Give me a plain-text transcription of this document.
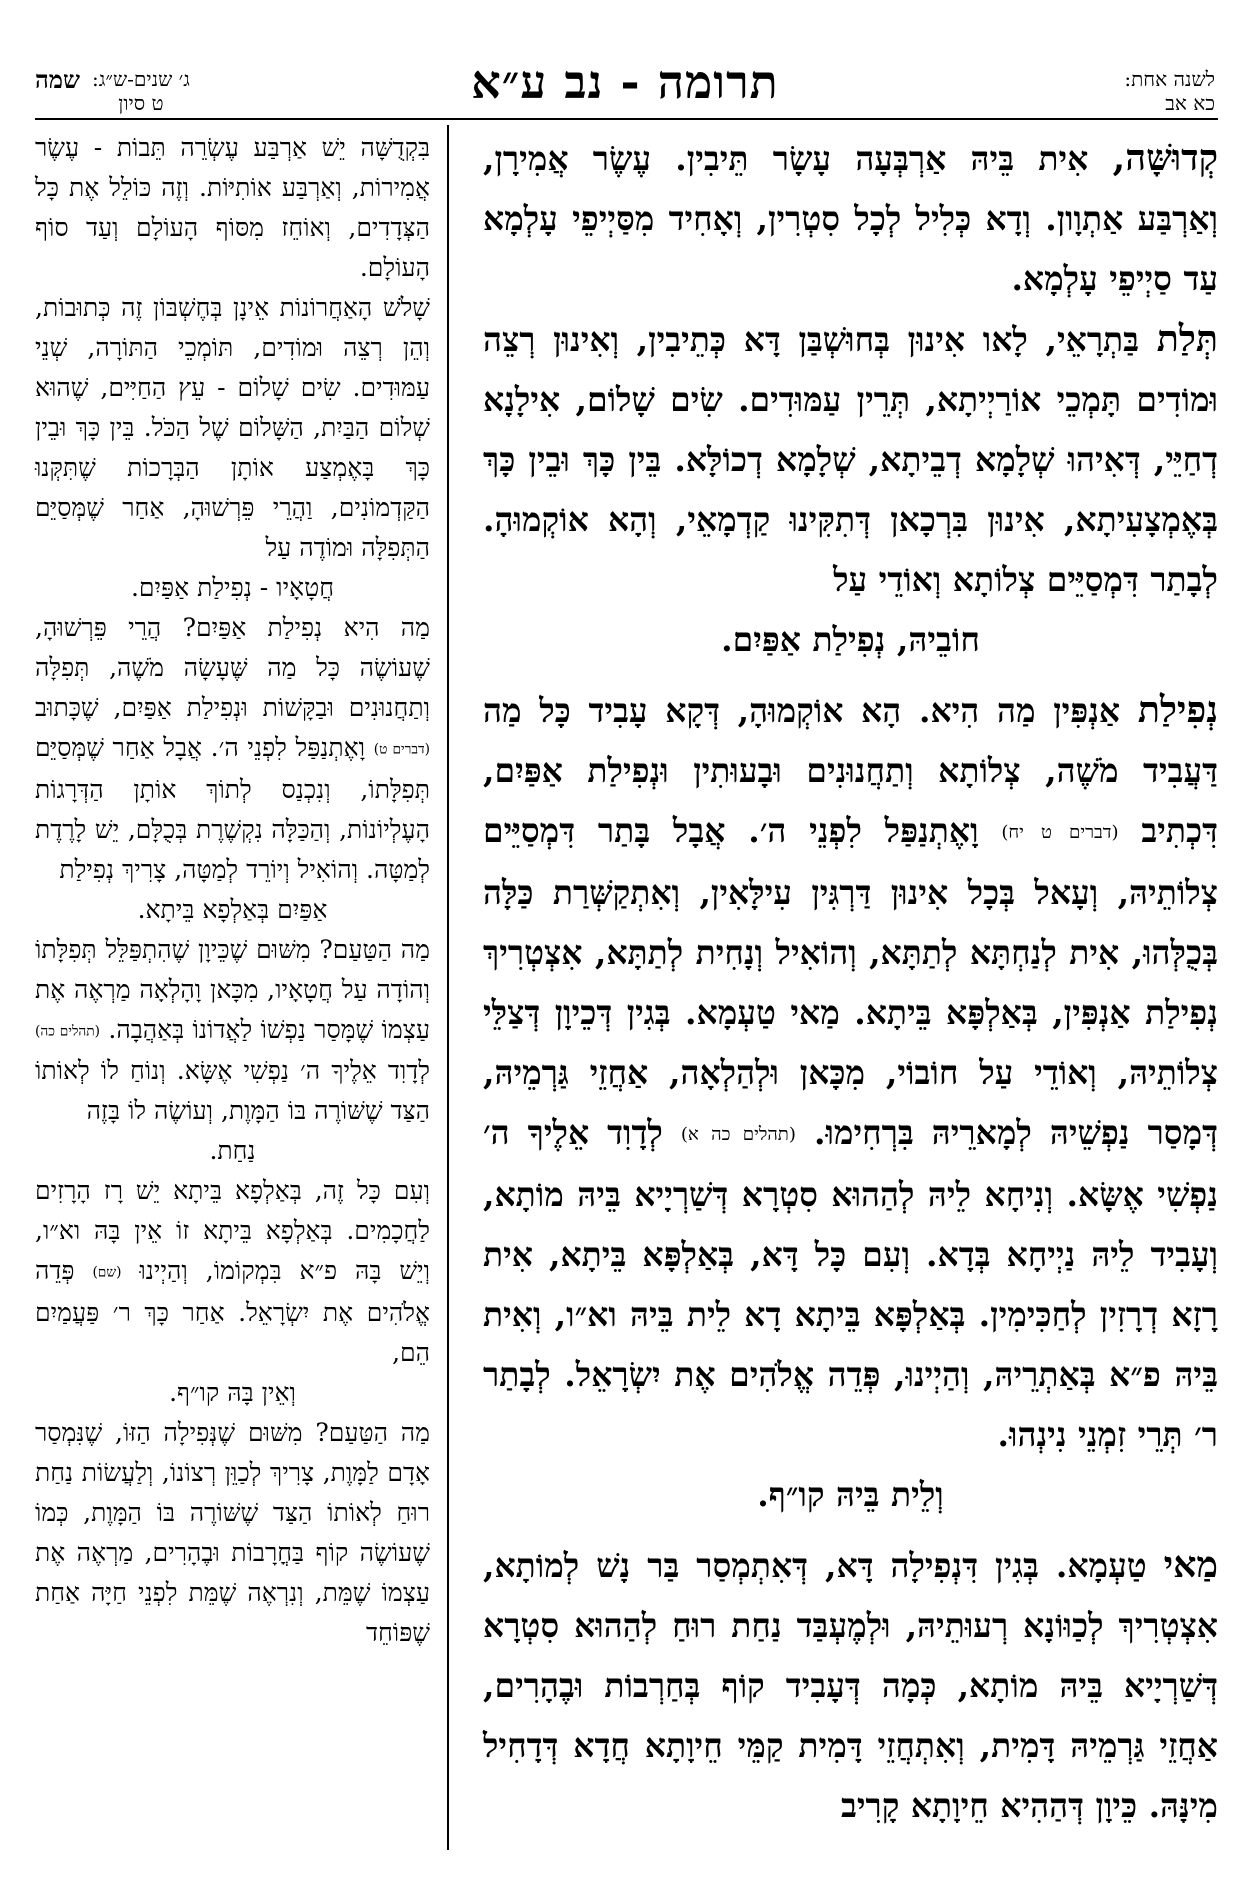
לשנה אחת:
כא אב
תרומה - נב ע״א
ג׳ שנים-ש״ג:
ט סיון
שמה

קְדוּשָּׁה, אִית בֵּיהּ אַרְבְּעָה עָשָׂר תֵּיבִין. עֶשֶׂר אֲמִירָן, וְאַרְבַּע אַתְוָון. וְדָא כְּלִיל לְכָל סִטְרִין, וְאָחִיד מִסַּיְיפֵי עָלְמָא עַד סַיְיפֵי עָלְמָא.

תְּלַת בַּתְרָאֵי, לָאו אִינוּן בְּחוּשְׁבַּן דָּא כְּתֵיבִין, וְאִינוּן רְצֵה וּמוֹדִים תָּמְכֵי אוֹרַיְיתָא, תְּרֵין עַמּוּדִים. שִׂים שָׁלוֹם, אִילָנָא דְחַיֵּי, דְּאִיהוּ שְׁלָמָא דְבֵיתָא, שְׁלָמָא דְכוֹלָּא. בֵּין כָּךְ וּבֵין כָּךְ בְּאֶמְצָעִיתָא, אִינוּן בִּרְכָאן דְּתִקִּינוּ קַדְמָאֵי, וְהָא אוֹקְמוּהָ. לְבָתַר דִּמְסַיֵּים צְלוֹתָא וְאוֹדֵי עַל

חוֹבֵיהּ, נְפִילַת אַפַּיִם.

נְפִילַת אַנְפִּין מַה הִיא. הָא אוֹקְמוּהָ, דְּקָא עָבִיד כָּל מַה דַּעֲבִיד מֹשֶׁה, צְלוֹתָא וְתַחֲנוּנִים וּבָעוּתִין וּנְפִילַת אַפַּיִם, דִּכְתִיב (דברים ט יח) וָאֶתְנַפַּל לִפְנֵי ה׳. אֲבָל בָּתַר דִּמְסַיֵּים צְלוֹתֵיהּ, וְעָאל בְּכָל אִינוּן דַּרְגִּין עִילָּאִין, וְאִתְקַשְּׁרַת כַּלָּה בְּכֻלְּהוּ, אִית לְנַחְתָּא לְתַתָּא, וְהוֹאִיל וְנָחִית לְתַתָּא, אִצְטְרִיךְ נְפִילַת אַנְפִּין, בְּאַלְפָּא בֵּיתָא. מַאי טַעְמָא. בְּגִין דְּכֵיוָן דְּצַלֵּי צְלוֹתֵיהּ, וְאוֹדֵי עַל חוֹבוֹי, מִכָּאן וּלְהַלְאָה, אַחֲזֵי גַּרְמֵיהּ, דְּמָסַר נַפְשֵׁיהּ לְמָארֵיהּ בִּרְחִימוּ. (תהלים כה א) לְדָוִד אֵלֶיךָ ה׳ נַפְשִׁי אֶשָּׂא. וְנִיחָא לֵיהּ לְהַהוּא סִטְרָא דְּשַׁרְיָיא בֵּיהּ מוֹתָא, וְעָבִיד לֵיהּ נַיְיחָא בְּדָא. וְעִם כָּל דָּא, בְּאַלְפָּא בֵּיתָא, אִית רָזָא דְרָזִין לְחַכִּימִין. בְּאַלְפָּא בֵּיתָא דָא לֵית בֵּיהּ וא״ו, וְאִית בֵּיהּ פ״א בְּאַתְרֵיהּ, וְהַיְינוּ, פְּדֵה אֱלֹהִים אֶת יִשְׂרָאֵל. לְבָתַר ר׳ תְּרֵי זִמְנֵי נִינְהוּ.

וְלֵית בֵּיהּ קו״ף.

מַאי טַעְמָא. בְּגִין דִּנְפִילָה דָּא, דְּאִתְמְסַר בַּר נָשׁ לְמוֹתָא, אִצְטְרִיךְ לְכַוּוֹנָא רְעוּתֵיהּ, וּלְמֶעְבַּד נַחַת רוּחַ לְהַהוּא סִטְרָא דְּשַׁרְיָיא בֵּיהּ מוֹתָא, כְּמָה דְּעָבִיד קוֹף בְּחַרְבוֹת וּבֶהָרִים, אַחֲזֵי גַּרְמֵיהּ דָּמִית, וְאִתְחֲזֵי דָּמִית קַמֵּי חֵיוָתָא חֲדָא דְּדָחִיל מִינָּהּ. כֵּיוָן דְּהַהִיא חֵיוָתָא קָרִיב

בִּקְדֻשָּׁה יֵשׁ אַרְבַּע עֶשְׂרֵה תֵּבוֹת - עֶשֶׂר אֲמִירוֹת, וְאַרְבַּע אוֹתִיּוֹת. וְזֶה כּוֹלֵל אֶת כָּל הַצְּדָדִים, וְאוֹחֵז מִסּוֹף הָעוֹלָם וְעַד סוֹף הָעוֹלָם.

שָׁלֹשׁ הָאַחֲרוֹנוֹת אֵינָן בְּחֶשְׁבּוֹן זֶה כְּתוּבוֹת, וְהֵן רְצֵה וּמוֹדִים, תּוֹמְכֵי הַתּוֹרָה, שְׁנֵי עַמּוּדִים. שִׂים שָׁלוֹם - עֵץ הַחַיִּים, שֶׁהוּא שְׁלוֹם הַבַּיִת, הַשָּׁלוֹם שֶׁל הַכֹּל. בֵּין כָּךְ וּבֵין כָּךְ בָּאֶמְצַע אוֹתָן הַבְּרָכוֹת שֶׁתִּקְּנוּ הַקַּדְמוֹנִים, וַהֲרֵי פֵּרְשׁוּהָ, אַחַר שֶׁמְּסַיֵּם הַתְּפִלָּה וּמוֹדֶה עַל

חֲטָאָיו - נְפִילַת אַפַּיִם.

מַה הִיא נְפִילַת אַפַּיִם? הֲרֵי פֵּרְשׁוּהָ, שֶׁעוֹשֶׂה כָּל מַה שֶּׁעָשָׂה מֹשֶׁה, תְּפִלָּה וְתַחֲנוּנִים וּבַקָּשׁוֹת וּנְפִילַת אַפַּיִם, שֶׁכָּתוּב (דברים ט) וָאֶתְנַפַּל לִפְנֵי ה׳. אֲבָל אַחַר שֶׁמְּסַיֵּם תְּפִלָּתוֹ, וְנִכְנַס לְתוֹךְ אוֹתָן הַדְּרָגוֹת הָעֶלְיוֹנוֹת, וְהַכַּלָּה נִקְשֶׁרֶת בְּכֻלָּם, יֵשׁ לָרֶדֶת לְמַטָּה. וְהוֹאִיל וְיוֹרֵד לְמַטָּה, צָרִיךְ נְפִילַת

אַפַּיִם בְּאַלְפָא בֵּיתָא.

מַה הַטַּעַם? מִשּׁוּם שֶׁכֵּיוָן שֶׁהִתְפַּלֵּל תְּפִלָּתוֹ וְהוֹדָה עַל חֲטָאָיו, מִכָּאן וָהָלְאָה מַרְאֶה אֶת עַצְמוֹ שֶׁמָּסַר נַפְשׁוֹ לַאֲדוֹנוֹ בְּאַהֲבָה. (תהלים כה) לְדָוִד אֵלֶיךָ ה׳ נַפְשִׁי אֶשָּׂא. וְנוֹחַ לוֹ לְאוֹתוֹ הַצַּד שֶׁשּׁוֹרֶה בּוֹ הַמָּוֶת, וְעוֹשֶׂה לוֹ בָּזֶה

נַחַת.

וְעִם כָּל זֶה, בְּאַלְפָא בֵּיתָא יֵשׁ רָז הָרָזִים לַחֲכָמִים. בְּאַלְפָא בֵּיתָא זוֹ אֵין בָּהּ וא״ו, וְיֵשׁ בָּהּ פ״א בִּמְקוֹמוֹ, וְהַיְינוּ (שם) פְּדֵה אֱלֹהִים אֶת יִשְׂרָאֵל. אַחַר כָּךְ ר׳ פַּעֲמַיִם הֵם,

וְאֵין בָּהּ קו״ף.

מַה הַטַּעַם? מִשּׁוּם שֶׁנְּפִילָה הַזּוֹ, שֶׁנִּמְסַר אָדָם לַמָּוֶת, צָרִיךְ לְכַוֵּן רְצוֹנוֹ, וְלַעֲשׂוֹת נַחַת רוּחַ לְאוֹתוֹ הַצַּד שֶׁשּׁוֹרֶה בּוֹ הַמָּוֶת, כְּמוֹ שֶׁעוֹשֶׂה קוֹף בַּחֳרָבוֹת וּבֶהָרִים, מַרְאֶה אֶת עַצְמוֹ שֶׁמֵּת, וְנִרְאֶה שֶׁמֵּת לִפְנֵי חַיָּה אַחַת שֶׁפּוֹחֵד
